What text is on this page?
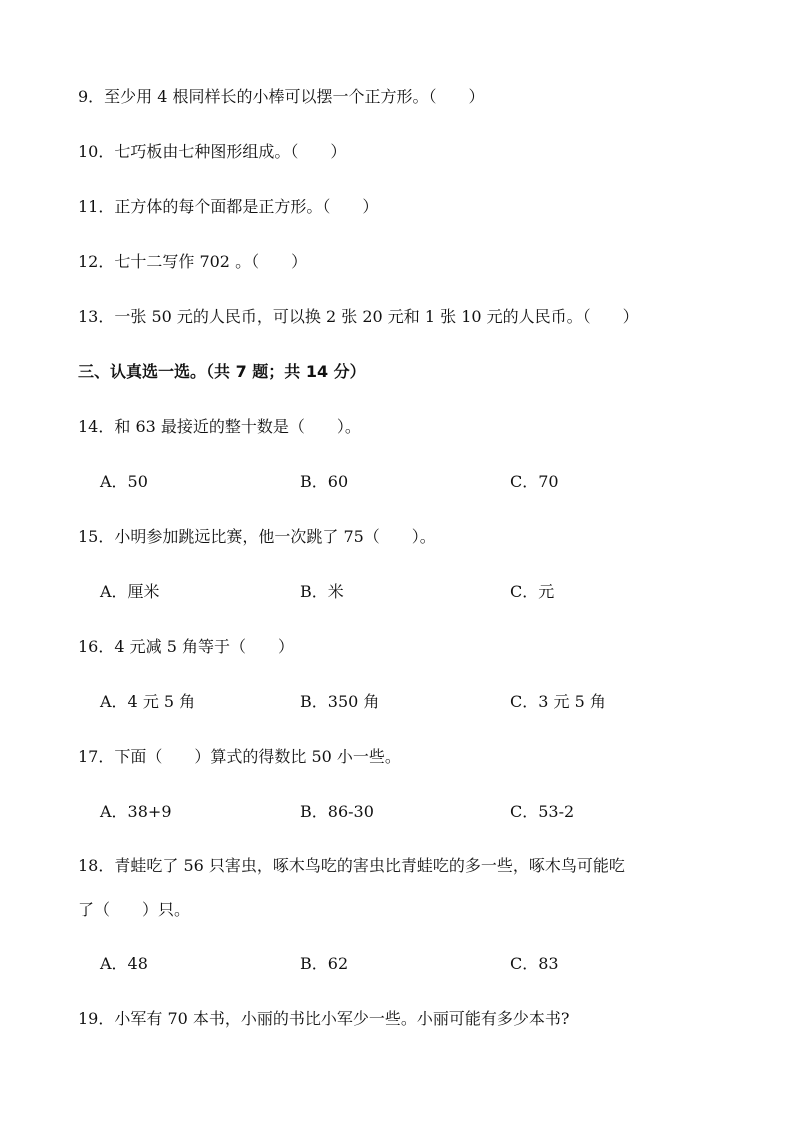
9．至少用 4 根同样长的小棒可以摆一个正方形。（　　）
10．七巧板由七种图形组成。（　　）
11．正方体的每个面都是正方形。（　　）
12．七十二写作 702 。（　　）
13．一张 50 元的人民币，可以换 2 张 20 元和 1 张 10 元的人民币。（　　）
三、认真选一选。（共 7 题；共 14 分）
14．和 63 最接近的整十数是（　　）。
A．50	B．60	C．70
15．小明参加跳远比赛，他一次跳了 75（　　）。
A．厘米	B．米	C．元
16．4 元减 5 角等于（　　）
A．4 元 5 角	B．350 角	C．3 元 5 角
17．下面（　　）算式的得数比 50 小一些。
A．38+9	B．86-30	C．53-2
18．青蛙吃了 56 只害虫，啄木鸟吃的害虫比青蛙吃的多一些，啄木鸟可能吃
了（　　）只。
A．48	B．62	C．83
19．小军有 70 本书，小丽的书比小军少一些。小丽可能有多少本书?
